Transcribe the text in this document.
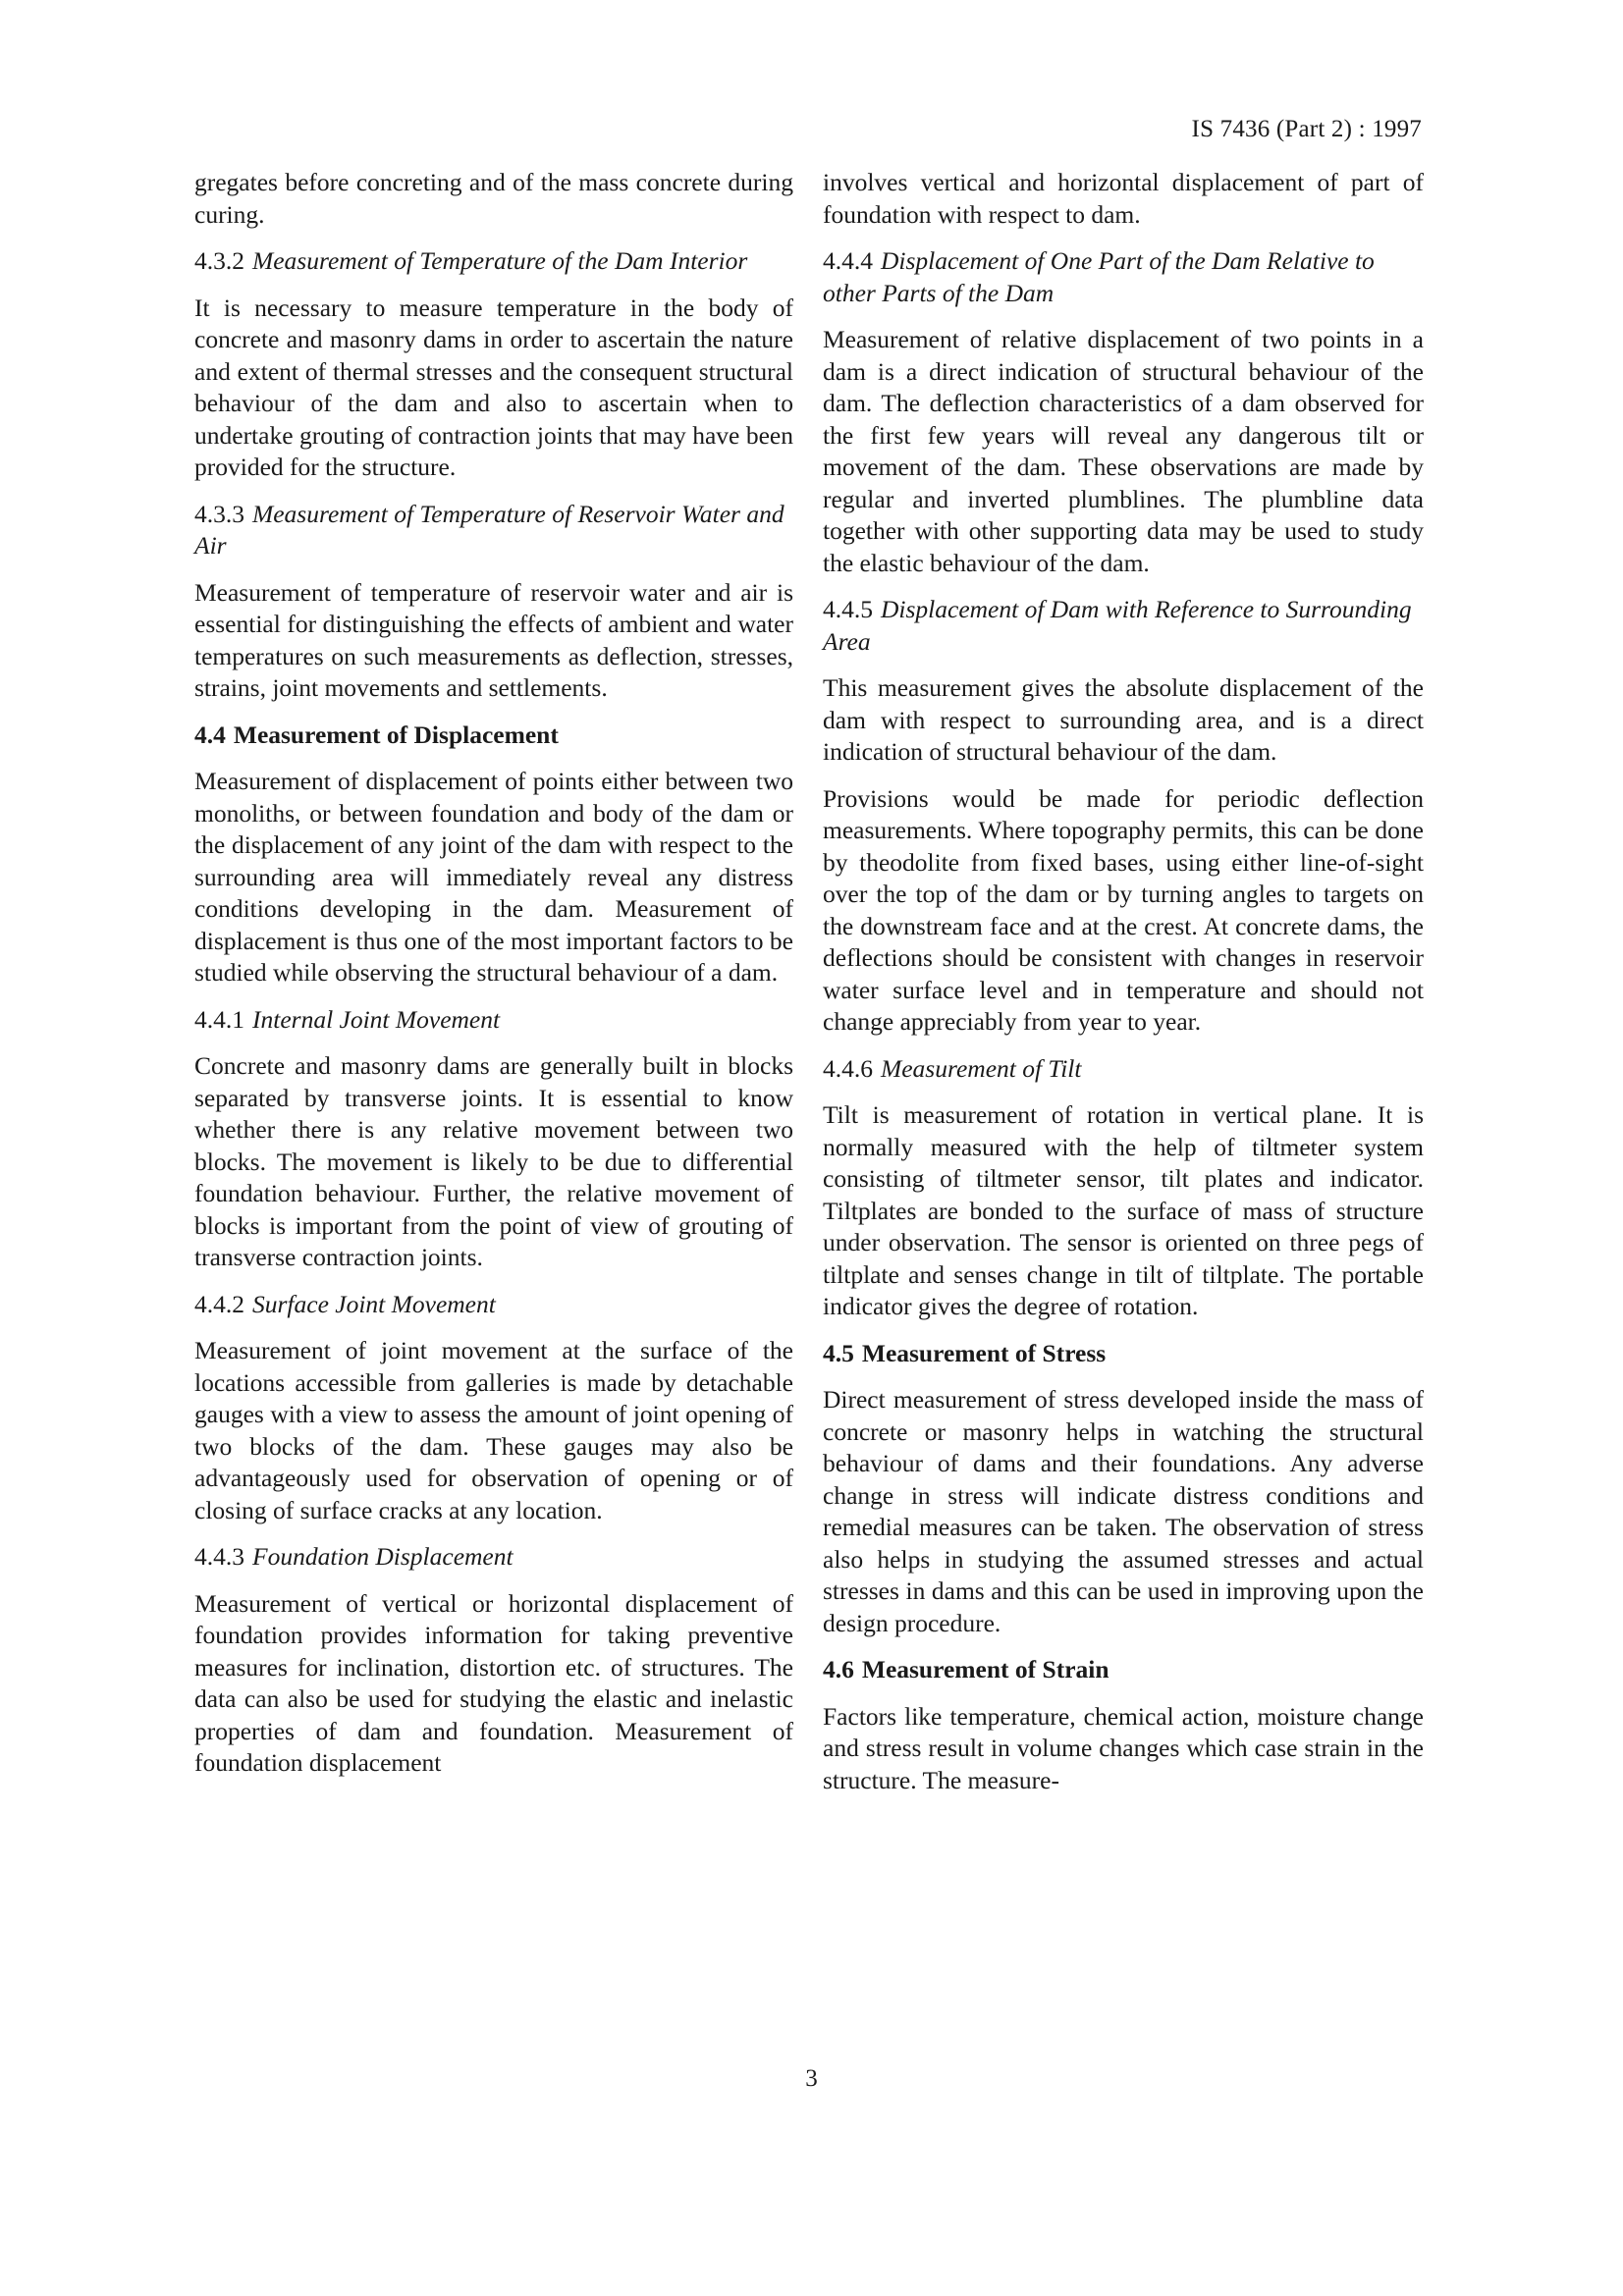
IS 7436 (Part 2) : 1997

gregates before concreting and of the mass concrete during curing.

4.3.2 Measurement of Temperature of the Dam Interior

It is necessary to measure temperature in the body of concrete and masonry dams in order to ascertain the nature and extent of thermal stresses and the consequent structural behaviour of the dam and also to ascertain when to undertake grouting of contraction joints that may have been provided for the structure.

4.3.3 Measurement of Temperature of Reservoir Water and Air

Measurement of temperature of reservoir water and air is essential for distinguishing the effects of ambient and water temperatures on such measurements as deflection, stresses, strains, joint movements and settlements.

4.4 Measurement of Displacement

Measurement of displacement of points either between two monoliths, or between foundation and body of the dam or the displacement of any joint of the dam with respect to the surrounding area will immediately reveal any distress conditions developing in the dam. Measurement of displacement is thus one of the most important factors to be studied while observing the structural behaviour of a dam.

4.4.1 Internal Joint Movement

Concrete and masonry dams are generally built in blocks separated by transverse joints. It is essential to know whether there is any relative movement between two blocks. The movement is likely to be due to differential foundation behaviour. Further, the relative movement of blocks is important from the point of view of grouting of transverse contraction joints.

4.4.2 Surface Joint Movement

Measurement of joint movement at the surface of the locations accessible from galleries is made by detachable gauges with a view to assess the amount of joint opening of two blocks of the dam. These gauges may also be advantageously used for observation of opening or of closing of surface cracks at any location.

4.4.3 Foundation Displacement

Measurement of vertical or horizontal displacement of foundation provides information for taking preventive measures for inclination, distortion etc. of structures. The data can also be used for studying the elastic and inelastic properties of dam and foundation. Measurement of foundation displacement

involves vertical and horizontal displacement of part of foundation with respect to dam.

4.4.4 Displacement of One Part of the Dam Relative to other Parts of the Dam

Measurement of relative displacement of two points in a dam is a direct indication of structural behaviour of the dam. The deflection characteristics of a dam observed for the first few years will reveal any dangerous tilt or movement of the dam. These observations are made by regular and inverted plumblines. The plumbline data together with other supporting data may be used to study the elastic behaviour of the dam.

4.4.5 Displacement of Dam with Reference to Surrounding Area

This measurement gives the absolute displacement of the dam with respect to surrounding area, and is a direct indication of structural behaviour of the dam.

Provisions would be made for periodic deflection measurements. Where topography permits, this can be done by theodolite from fixed bases, using either line-of-sight over the top of the dam or by turning angles to targets on the downstream face and at the crest. At concrete dams, the deflections should be consistent with changes in reservoir water surface level and in temperature and should not change appreciably from year to year.

4.4.6 Measurement of Tilt

Tilt is measurement of rotation in vertical plane. It is normally measured with the help of tiltmeter system consisting of tiltmeter sensor, tilt plates and indicator. Tiltplates are bonded to the surface of mass of structure under observation. The sensor is oriented on three pegs of tiltplate and senses change in tilt of tiltplate. The portable indicator gives the degree of rotation.

4.5 Measurement of Stress

Direct measurement of stress developed inside the mass of concrete or masonry helps in watching the structural behaviour of dams and their foundations. Any adverse change in stress will indicate distress conditions and remedial measures can be taken. The observation of stress also helps in studying the assumed stresses and actual stresses in dams and this can be used in improving upon the design procedure.

4.6 Measurement of Strain

Factors like temperature, chemical action, moisture change and stress result in volume changes which case strain in the structure. The measure-

3
